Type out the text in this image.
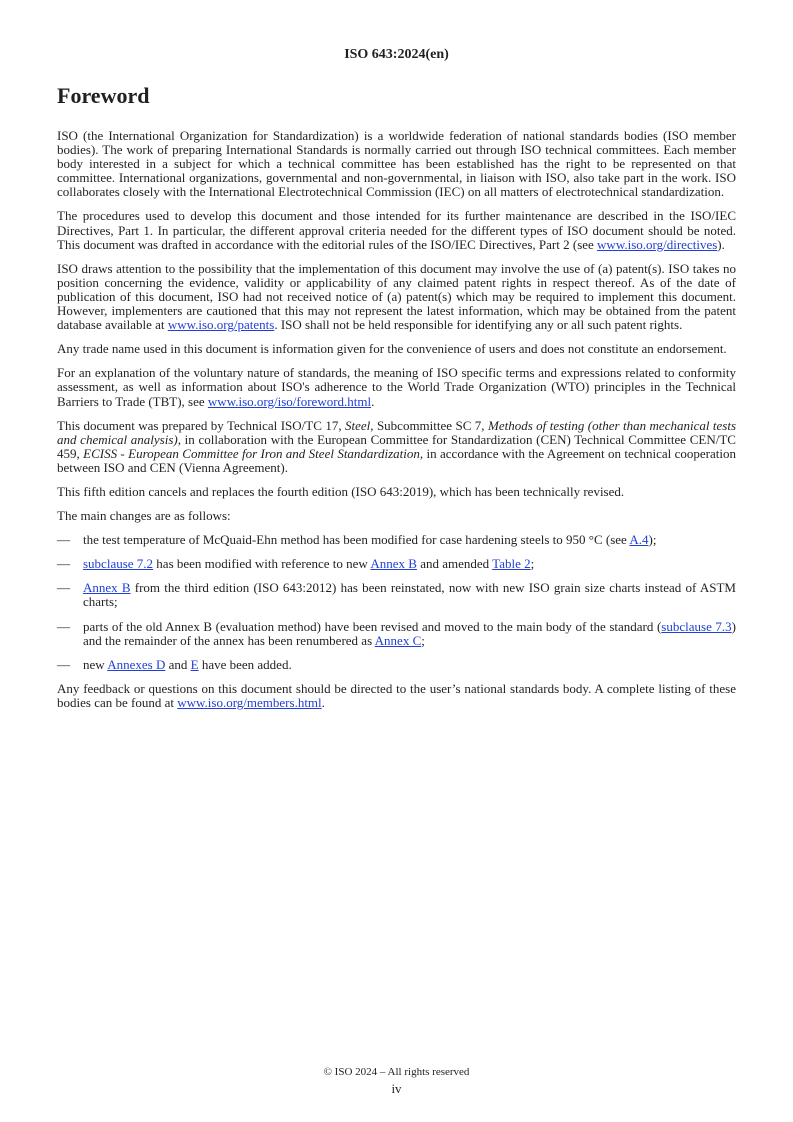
ISO 643:2024(en)
Foreword

ISO (the International Organization for Standardization) is a worldwide federation of national standards bodies (ISO member bodies). The work of preparing International Standards is normally carried out through ISO technical committees. Each member body interested in a subject for which a technical committee has been established has the right to be represented on that committee. International organizations, governmental and non-governmental, in liaison with ISO, also take part in the work. ISO collaborates closely with the International Electrotechnical Commission (IEC) on all matters of electrotechnical standardization.

The procedures used to develop this document and those intended for its further maintenance are described in the ISO/IEC Directives, Part 1. In particular, the different approval criteria needed for the different types of ISO document should be noted. This document was drafted in accordance with the editorial rules of the ISO/IEC Directives, Part 2 (see www.iso.org/directives).

ISO draws attention to the possibility that the implementation of this document may involve the use of (a) patent(s). ISO takes no position concerning the evidence, validity or applicability of any claimed patent rights in respect thereof. As of the date of publication of this document, ISO had not received notice of (a) patent(s) which may be required to implement this document. However, implementers are cautioned that this may not represent the latest information, which may be obtained from the patent database available at www.iso.org/patents. ISO shall not be held responsible for identifying any or all such patent rights.

Any trade name used in this document is information given for the convenience of users and does not constitute an endorsement.

For an explanation of the voluntary nature of standards, the meaning of ISO specific terms and expressions related to conformity assessment, as well as information about ISO's adherence to the World Trade Organization (WTO) principles in the Technical Barriers to Trade (TBT), see www.iso.org/iso/foreword.html.

This document was prepared by Technical ISO/TC 17, Steel, Subcommittee SC 7, Methods of testing (other than mechanical tests and chemical analysis), in collaboration with the European Committee for Standardization (CEN) Technical Committee CEN/TC 459, ECISS - European Committee for Iron and Steel Standardization, in accordance with the Agreement on technical cooperation between ISO and CEN (Vienna Agreement).

This fifth edition cancels and replaces the fourth edition (ISO 643:2019), which has been technically revised.

The main changes are as follows:

— the test temperature of McQuaid-Ehn method has been modified for case hardening steels to 950 °C (see A.4);
— subclause 7.2 has been modified with reference to new Annex B and amended Table 2;
— Annex B from the third edition (ISO 643:2012) has been reinstated, now with new ISO grain size charts instead of ASTM charts;
— parts of the old Annex B (evaluation method) have been revised and moved to the main body of the standard (subclause 7.3) and the remainder of the annex has been renumbered as Annex C;
— new Annexes D and E have been added.

Any feedback or questions on this document should be directed to the user’s national standards body. A complete listing of these bodies can be found at www.iso.org/members.html.

© ISO 2024 – All rights reserved
iv
